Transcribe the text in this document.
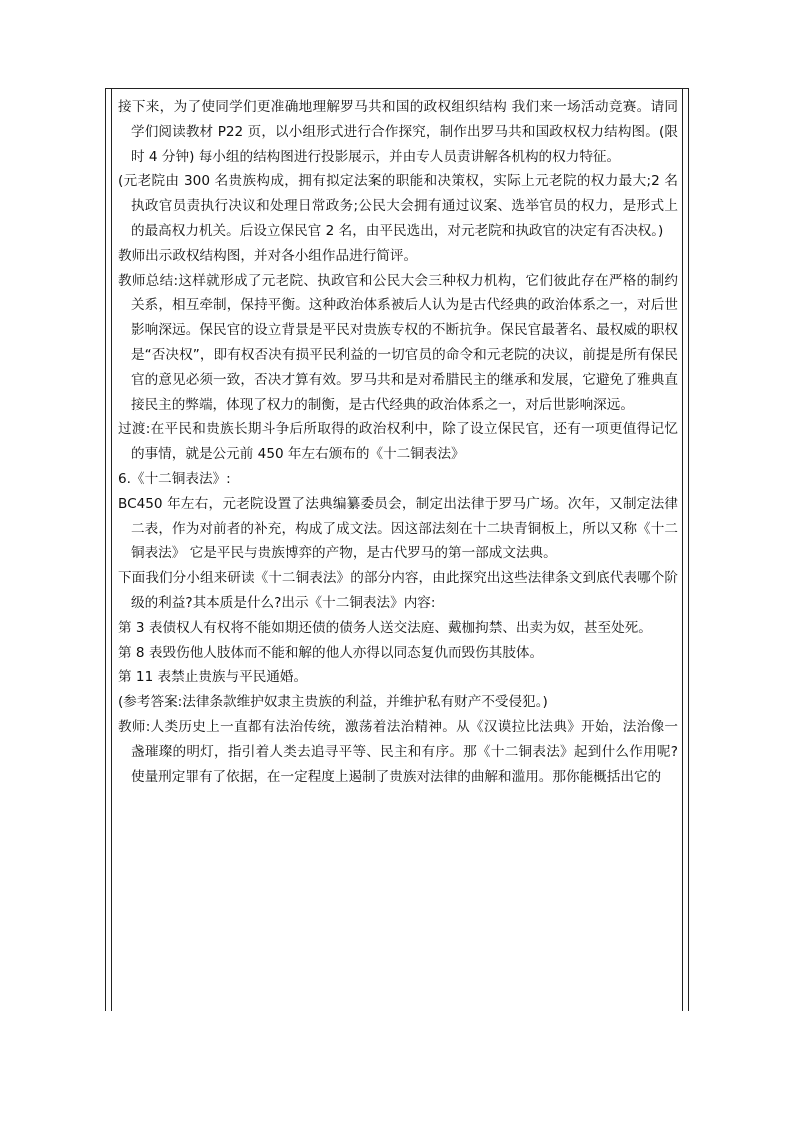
接下来，为了使同学们更准确地理解罗马共和国的政权组织结构 我们来一场活动竞赛。请同学们阅读教材 P22 页，以小组形式进行合作探究，制作出罗马共和国政权权力结构图。(限时 4 分钟) 每小组的结构图进行投影展示，并由专人员责讲解各机构的权力特征。

(元老院由 300 名贵族构成，拥有拟定法案的职能和决策权，实际上元老院的权力最大;2 名执政官员责执行决议和处理日常政务;公民大会拥有通过议案、选举官员的权力，是形式上的最高权力机关。后设立保民官 2 名，由平民选出，对元老院和执政官的决定有否决权。)

教师出示政权结构图，并对各小组作品进行简评。

教师总结:这样就形成了元老院、执政官和公民大会三种权力机构，它们彼此存在严格的制约关系，相互牵制，保持平衡。这种政治体系被后人认为是古代经典的政治体系之一，对后世影响深远。保民官的设立背景是平民对贵族专权的不断抗争。保民官最著名、最权威的职权是“否决权”，即有权否决有损平民利益的一切官员的命令和元老院的决议，前提是所有保民官的意见必须一致，否决才算有效。罗马共和是对希腊民主的继承和发展，它避免了雅典直接民主的弊端，体现了权力的制衡，是古代经典的政治体系之一，对后世影响深远。

过渡:在平民和贵族长期斗争后所取得的政治权利中，除了设立保民官，还有一项更值得记忆的事情，就是公元前 450 年左右颁布的《十二铜表法》

6.《十二铜表法》:

BC450 年左右，元老院设置了法典编纂委员会，制定出法律于罗马广场。次年，又制定法律二表，作为对前者的补充，构成了成文法。因这部法刻在十二块青铜板上，所以又称《十二铜表法》 它是平民与贵族博弈的产物，是古代罗马的第一部成文法典。

下面我们分小组来研读《十二铜表法》的部分内容，由此探究出这些法律条文到底代表哪个阶级的利益?其本质是什么?出示《十二铜表法》内容:

第 3 表债权人有权将不能如期还债的债务人送交法庭、戴枷拘禁、出卖为奴，甚至处死。

第 8 表毁伤他人肢体而不能和解的他人亦得以同态复仇而毁伤其肢体。

第 11 表禁止贵族与平民通婚。

(参考答案:法律条款维护奴隶主贵族的利益，并维护私有财产不受侵犯。)

教师:人类历史上一直都有法治传统，激荡着法治精神。从《汉谟拉比法典》开始，法治像一盏璀璨的明灯，指引着人类去追寻平等、民主和有序。那《十二铜表法》起到什么作用呢?使量刑定罪有了依据，在一定程度上遏制了贵族对法律的曲解和滥用。那你能概括出它的
